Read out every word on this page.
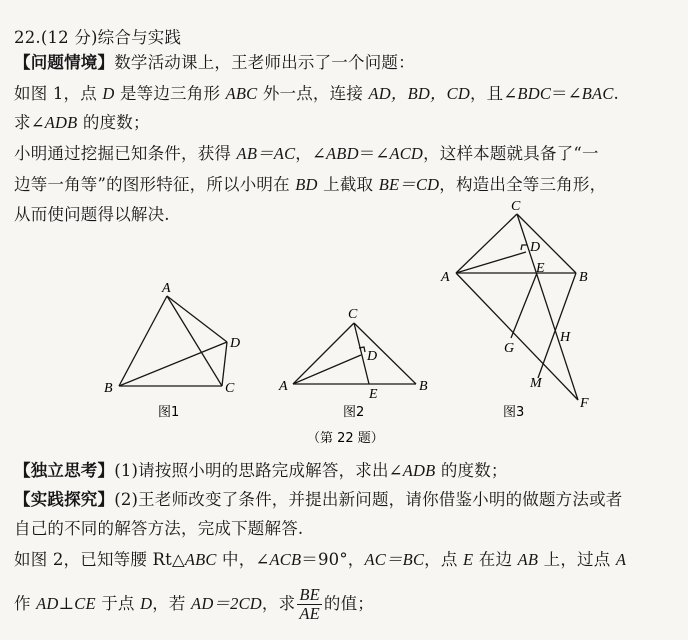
22.(12 分)综合与实践
【问题情境】数学活动课上，王老师出示了一个问题：
如图 1，点 D 是等边三角形 ABC 外一点，连接 AD，BD，CD，且∠BDC＝∠BAC.
求∠ADB 的度数；
小明通过挖掘已知条件，获得 AB＝AC，∠ABD＝∠ACD，这样本题就具备了“一
边等一角等”的图形特征，所以小明在 BD 上截取 BE＝CD，构造出全等三角形，
从而使问题得以解决.
A
B	C
D
图1
C
D
A	B
E
图2
C
D
A
E
B
G
H
M
F
图3
（第 22 题）
【独立思考】(1)请按照小明的思路完成解答，求出∠ADB 的度数；
【实践探究】(2)王老师改变了条件，并提出新问题，请你借鉴小明的做题方法或者
自己的不同的解答方法，完成下题解答.
如图 2，已知等腰 Rt△ABC 中，∠ACB＝90°，AC＝BC，点 E 在边 AB 上，过点 A
作 AD⊥CE 于点 D，若 AD＝2CD，求 $\frac{BE}{AE}$ 的值；
